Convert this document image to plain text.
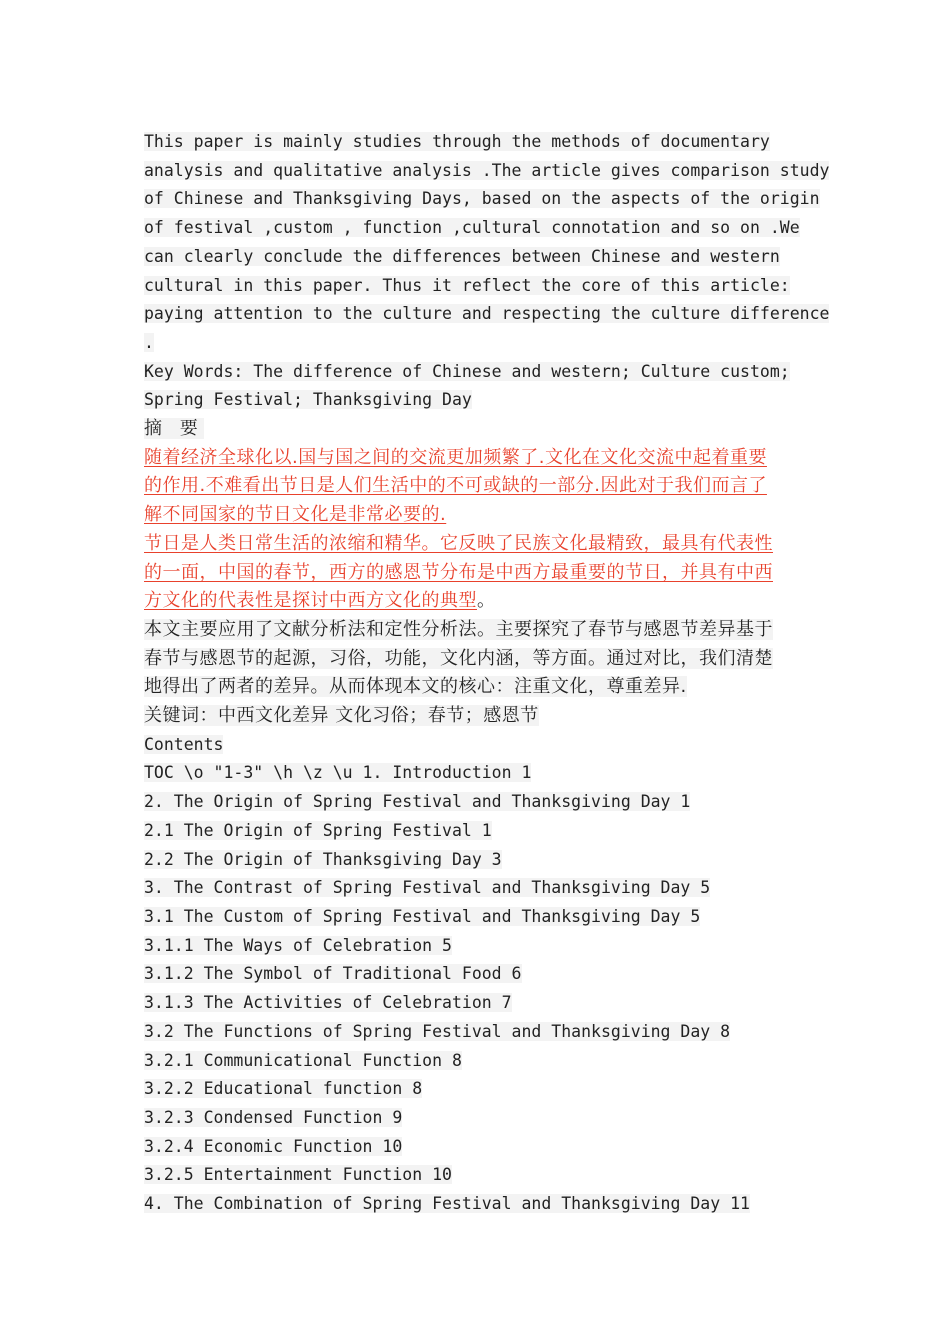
This paper is mainly studies through the methods of documentary
analysis and qualitative analysis .The article gives comparison study
of Chinese and Thanksgiving Days, based on the aspects of the origin
of festival ,custom , function ,cultural connotation and so on .We
can clearly conclude the differences between Chinese and western
cultural in this paper. Thus it reflect the core of this article:
paying attention to the culture and respecting the culture difference
.
Key Words: The difference of Chinese and western; Culture custom;
Spring Festival; Thanksgiving Day
摘 要
随着经济全球化以.国与国之间的交流更加频繁了.文化在文化交流中起着重要
的作用.不难看出节日是人们生活中的不可或缺的一部分.因此对于我们而言了
解不同国家的节日文化是非常必要的.
节日是人类日常生活的浓缩和精华。它反映了民族文化最精致，最具有代表性
的一面，中国的春节，西方的感恩节分布是中西方最重要的节日，并具有中西
方文化的代表性是探讨中西方文化的典型。
本文主要应用了文献分析法和定性分析法。主要探究了春节与感恩节差异基于
春节与感恩节的起源，习俗，功能，文化内涵，等方面。通过对比，我们清楚
地得出了两者的差异。从而体现本文的核心：注重文化，尊重差异.
关键词：中西文化差异 文化习俗；春节；感恩节
Contents
TOC \o "1-3" \h \z \u 1. Introduction 1
2. The Origin of Spring Festival and Thanksgiving Day 1
2.1 The Origin of Spring Festival 1
2.2 The Origin of Thanksgiving Day 3
3. The Contrast of Spring Festival and Thanksgiving Day 5
3.1 The Custom of Spring Festival and Thanksgiving Day 5
3.1.1 The Ways of Celebration 5
3.1.2 The Symbol of Traditional Food 6
3.1.3 The Activities of Celebration 7
3.2 The Functions of Spring Festival and Thanksgiving Day 8
3.2.1 Communicational Function 8
3.2.2 Educational function 8
3.2.3 Condensed Function 9
3.2.4 Economic Function 10
3.2.5 Entertainment Function 10
4. The Combination of Spring Festival and Thanksgiving Day 11
